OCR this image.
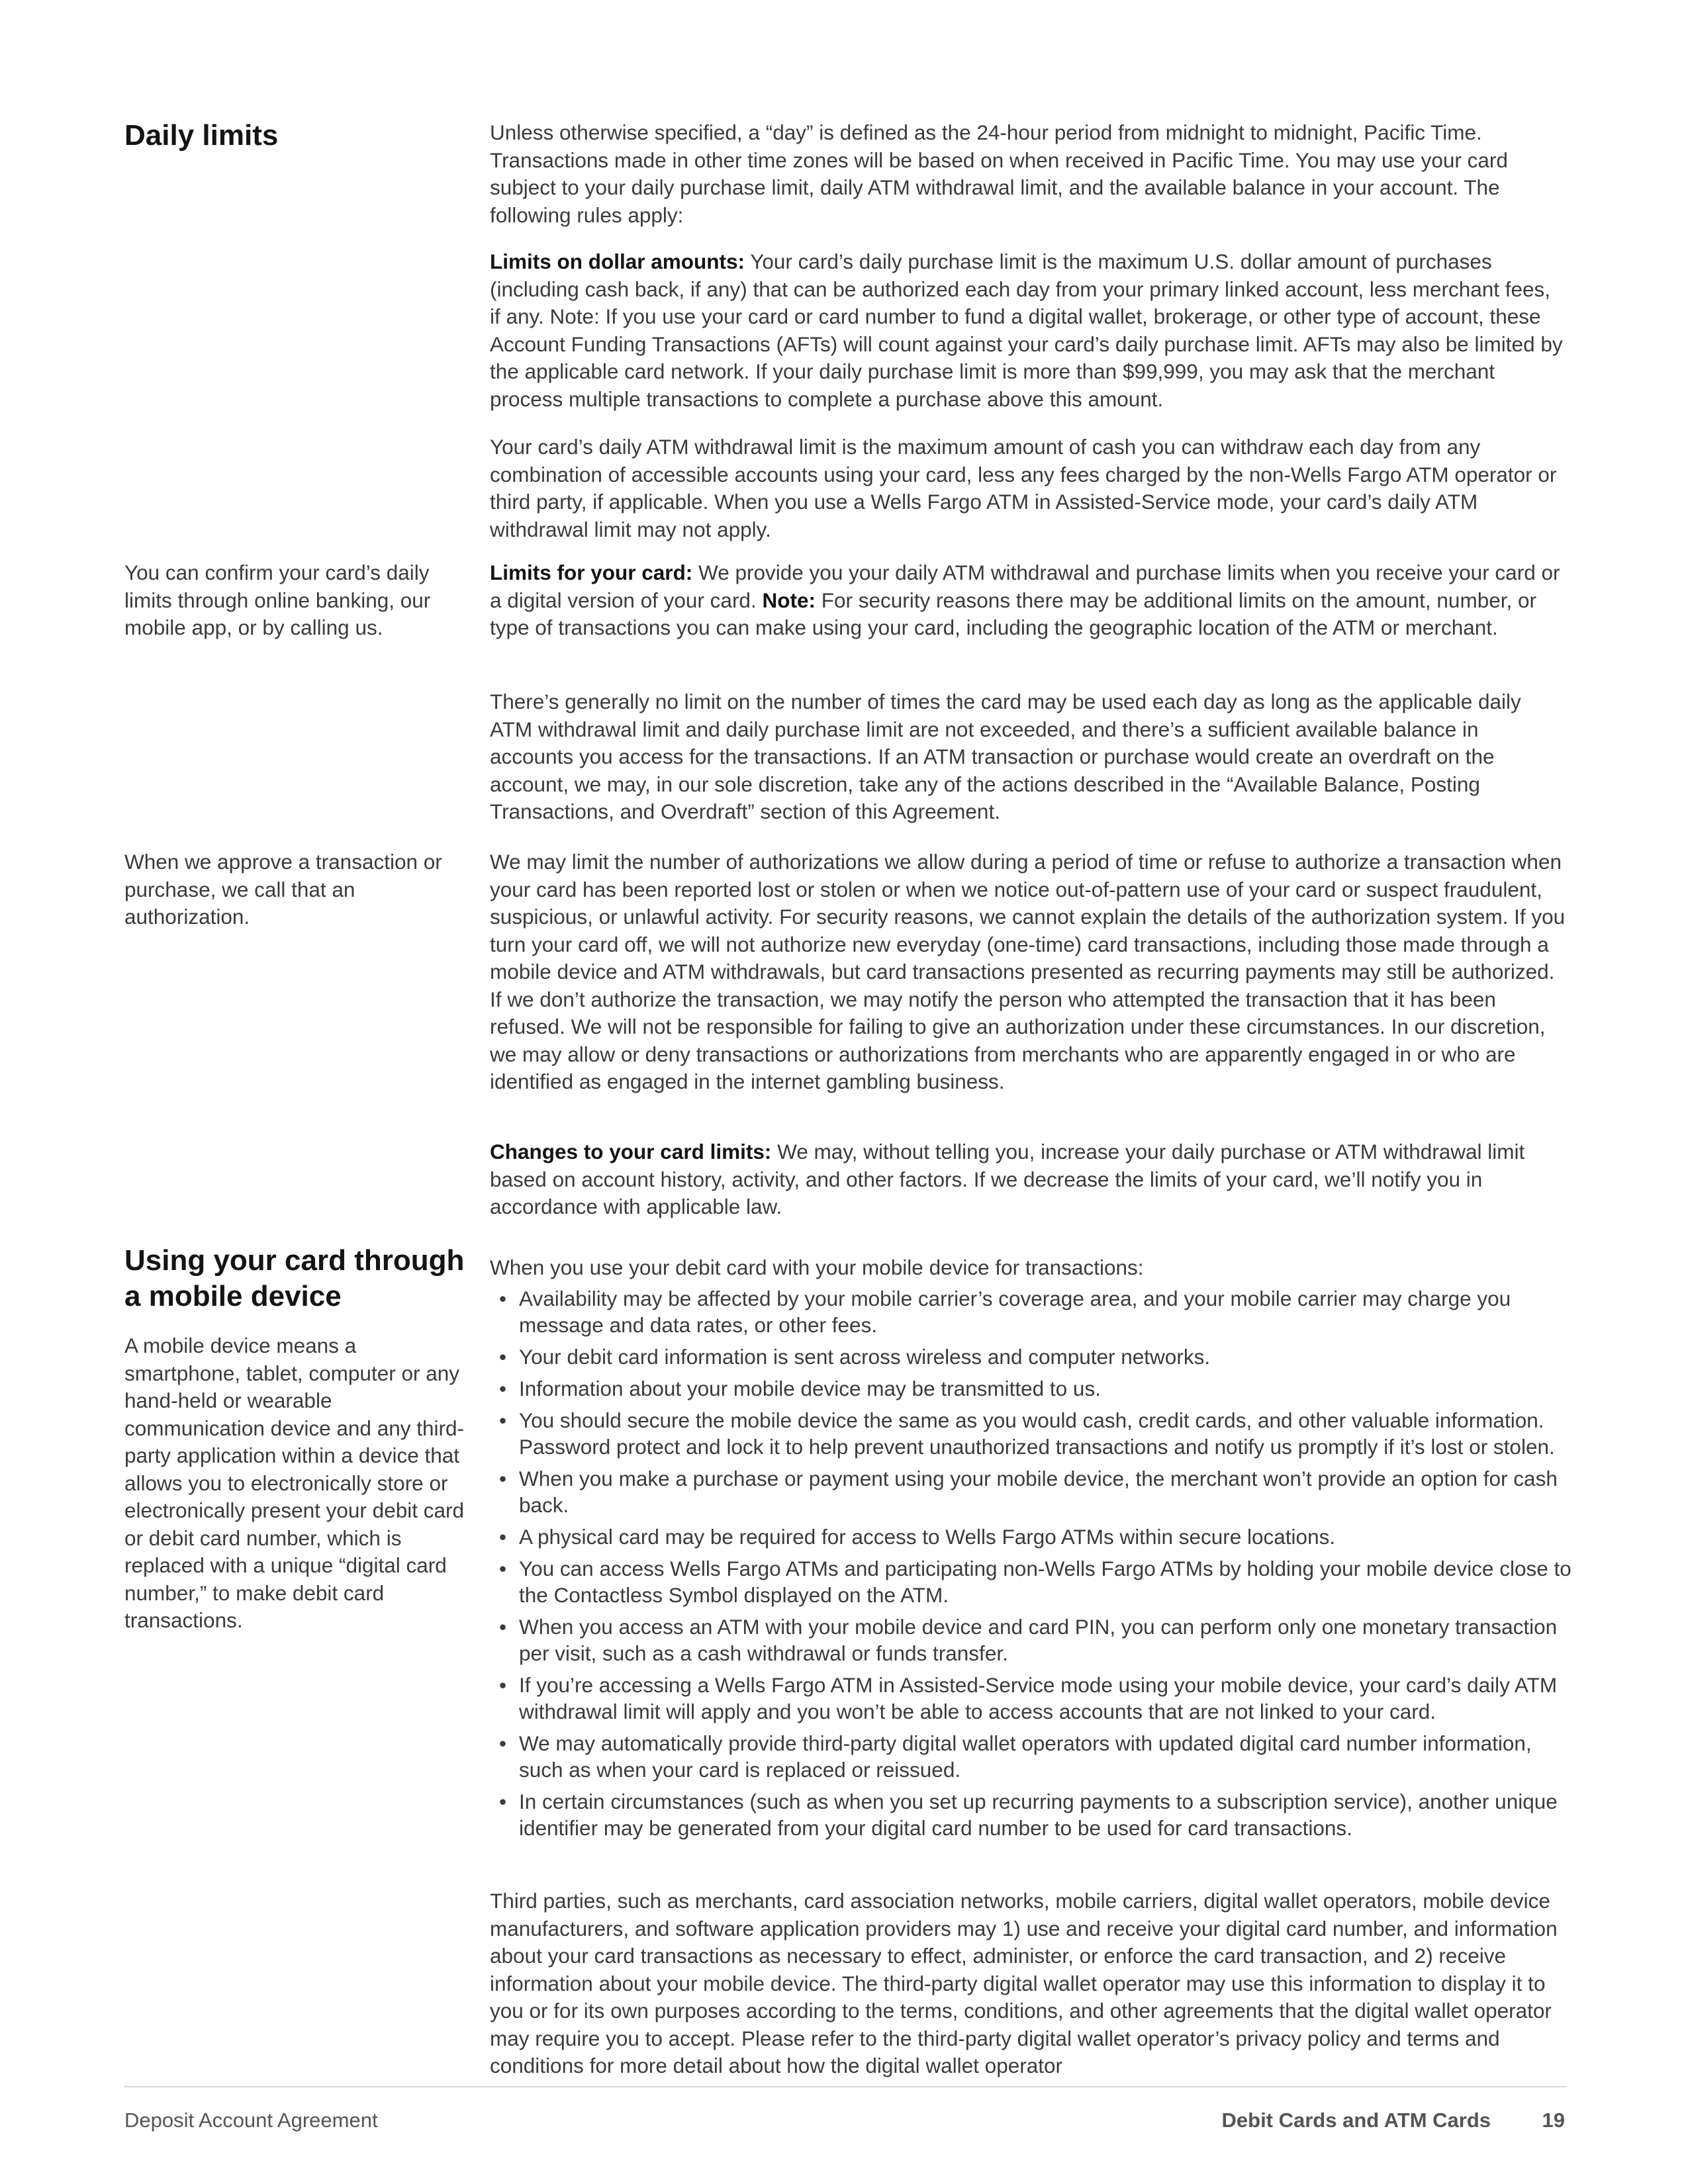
Daily limits	Unless otherwise specified, a “day” is defined as the 24-hour period from midnight to midnight, Pacific Time. Transactions made in other time zones will be based on when received in Pacific Time. You may use your card subject to your daily purchase limit, daily ATM withdrawal limit, and the available balance in your account. The following rules apply:

Limits on dollar amounts: Your card’s daily purchase limit is the maximum U.S. dollar amount of purchases (including cash back, if any) that can be authorized each day from your primary linked account, less merchant fees, if any. Note: If you use your card or card number to fund a digital wallet, brokerage, or other type of account, these Account Funding Transactions (AFTs) will count against your card’s daily purchase limit. AFTs may also be limited by the applicable card network. If your daily purchase limit is more than $99,999, you may ask that the merchant process multiple transactions to complete a purchase above this amount.

Your card’s daily ATM withdrawal limit is the maximum amount of cash you can withdraw each day from any combination of accessible accounts using your card, less any fees charged by the non-Wells Fargo ATM operator or third party, if applicable. When you use a Wells Fargo ATM in Assisted-Service mode, your card’s daily ATM withdrawal limit may not apply.

You can confirm your card’s daily limits through online banking, our mobile app, or by calling us.

Limits for your card: We provide you your daily ATM withdrawal and purchase limits when you receive your card or a digital version of your card. Note: For security reasons there may be additional limits on the amount, number, or type of transactions you can make using your card, including the geographic location of the ATM or merchant.

There’s generally no limit on the number of times the card may be used each day as long as the applicable daily ATM withdrawal limit and daily purchase limit are not exceeded, and there’s a sufficient available balance in accounts you access for the transactions. If an ATM transaction or purchase would create an overdraft on the account, we may, in our sole discretion, take any of the actions described in the “Available Balance, Posting Transactions, and Overdraft” section of this Agreement.

When we approve a transaction or purchase, we call that an authorization.

We may limit the number of authorizations we allow during a period of time or refuse to authorize a transaction when your card has been reported lost or stolen or when we notice out-of-pattern use of your card or suspect fraudulent, suspicious, or unlawful activity. For security reasons, we cannot explain the details of the authorization system. If you turn your card off, we will not authorize new everyday (one-time) card transactions, including those made through a mobile device and ATM withdrawals, but card transactions presented as recurring payments may still be authorized. If we don’t authorize the transaction, we may notify the person who attempted the transaction that it has been refused. We will not be responsible for failing to give an authorization under these circumstances. In our discretion, we may allow or deny transactions or authorizations from merchants who are apparently engaged in or who are identified as engaged in the internet gambling business.

Changes to your card limits: We may, without telling you, increase your daily purchase or ATM withdrawal limit based on account history, activity, and other factors. If we decrease the limits of your card, we’ll notify you in accordance with applicable law.

Using your card through a mobile device

A mobile device means a smartphone, tablet, computer or any hand-held or wearable communication device and any third-party application within a device that allows you to electronically store or electronically present your debit card or debit card number, which is replaced with a unique “digital card number,” to make debit card transactions.

When you use your debit card with your mobile device for transactions:

• Availability may be affected by your mobile carrier’s coverage area, and your mobile carrier may charge you message and data rates, or other fees.
• Your debit card information is sent across wireless and computer networks.
• Information about your mobile device may be transmitted to us.
• You should secure the mobile device the same as you would cash, credit cards, and other valuable information. Password protect and lock it to help prevent unauthorized transactions and notify us promptly if it’s lost or stolen.
• When you make a purchase or payment using your mobile device, the merchant won’t provide an option for cash back.
• A physical card may be required for access to Wells Fargo ATMs within secure locations.
• You can access Wells Fargo ATMs and participating non-Wells Fargo ATMs by holding your mobile device close to the Contactless Symbol displayed on the ATM.
• When you access an ATM with your mobile device and card PIN, you can perform only one monetary transaction per visit, such as a cash withdrawal or funds transfer.
• If you’re accessing a Wells Fargo ATM in Assisted-Service mode using your mobile device, your card’s daily ATM withdrawal limit will apply and you won’t be able to access accounts that are not linked to your card.
• We may automatically provide third-party digital wallet operators with updated digital card number information, such as when your card is replaced or reissued.
• In certain circumstances (such as when you set up recurring payments to a subscription service), another unique identifier may be generated from your digital card number to be used for card transactions.

Third parties, such as merchants, card association networks, mobile carriers, digital wallet operators, mobile device manufacturers, and software application providers may 1) use and receive your digital card number, and information about your card transactions as necessary to effect, administer, or enforce the card transaction, and 2) receive information about your mobile device. The third-party digital wallet operator may use this information to display it to you or for its own purposes according to the terms, conditions, and other agreements that the digital wallet operator may require you to accept. Please refer to the third-party digital wallet operator’s privacy policy and terms and conditions for more detail about how the digital wallet operator

Deposit Account Agreement	Debit Cards and ATM Cards	19
